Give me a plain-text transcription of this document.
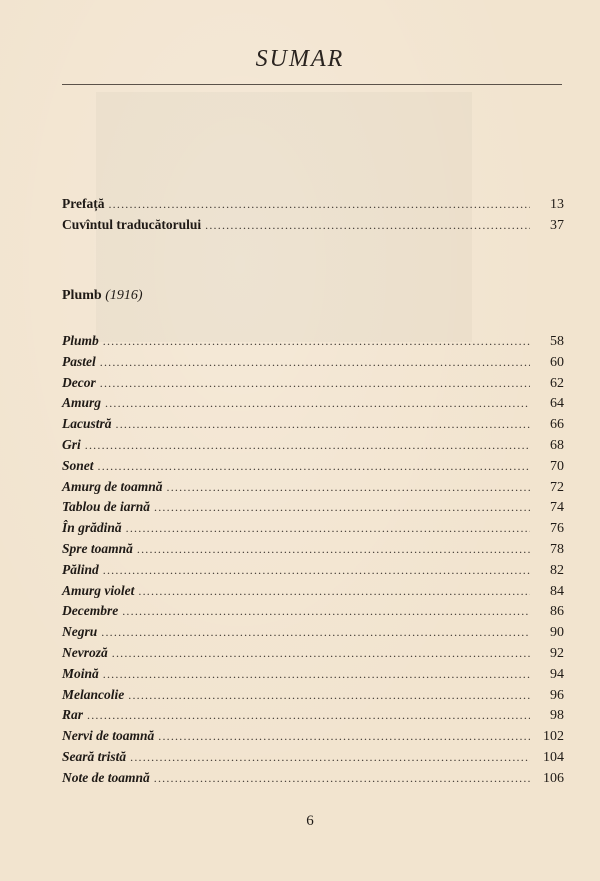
SUMAR
Prefață .....	13
Cuvîntul traducătorului .....	37
Plumb (1916)
Plumb .....	58
Pastel .....	60
Decor .....	62
Amurg .....	64
Lacustră .....	66
Gri .....	68
Sonet .....	70
Amurg de toamnă .....	72
Tablou de iarnă .....	74
În grădină .....	76
Spre toamnă .....	78
Pălind .....	82
Amurg violet .....	84
Decembre .....	86
Negru .....	90
Nevroză .....	92
Moină .....	94
Melancolie .....	96
Rar .....	98
Nervi de toamnă .....	102
Seară tristă .....	104
Note de toamnă .....	106
6
